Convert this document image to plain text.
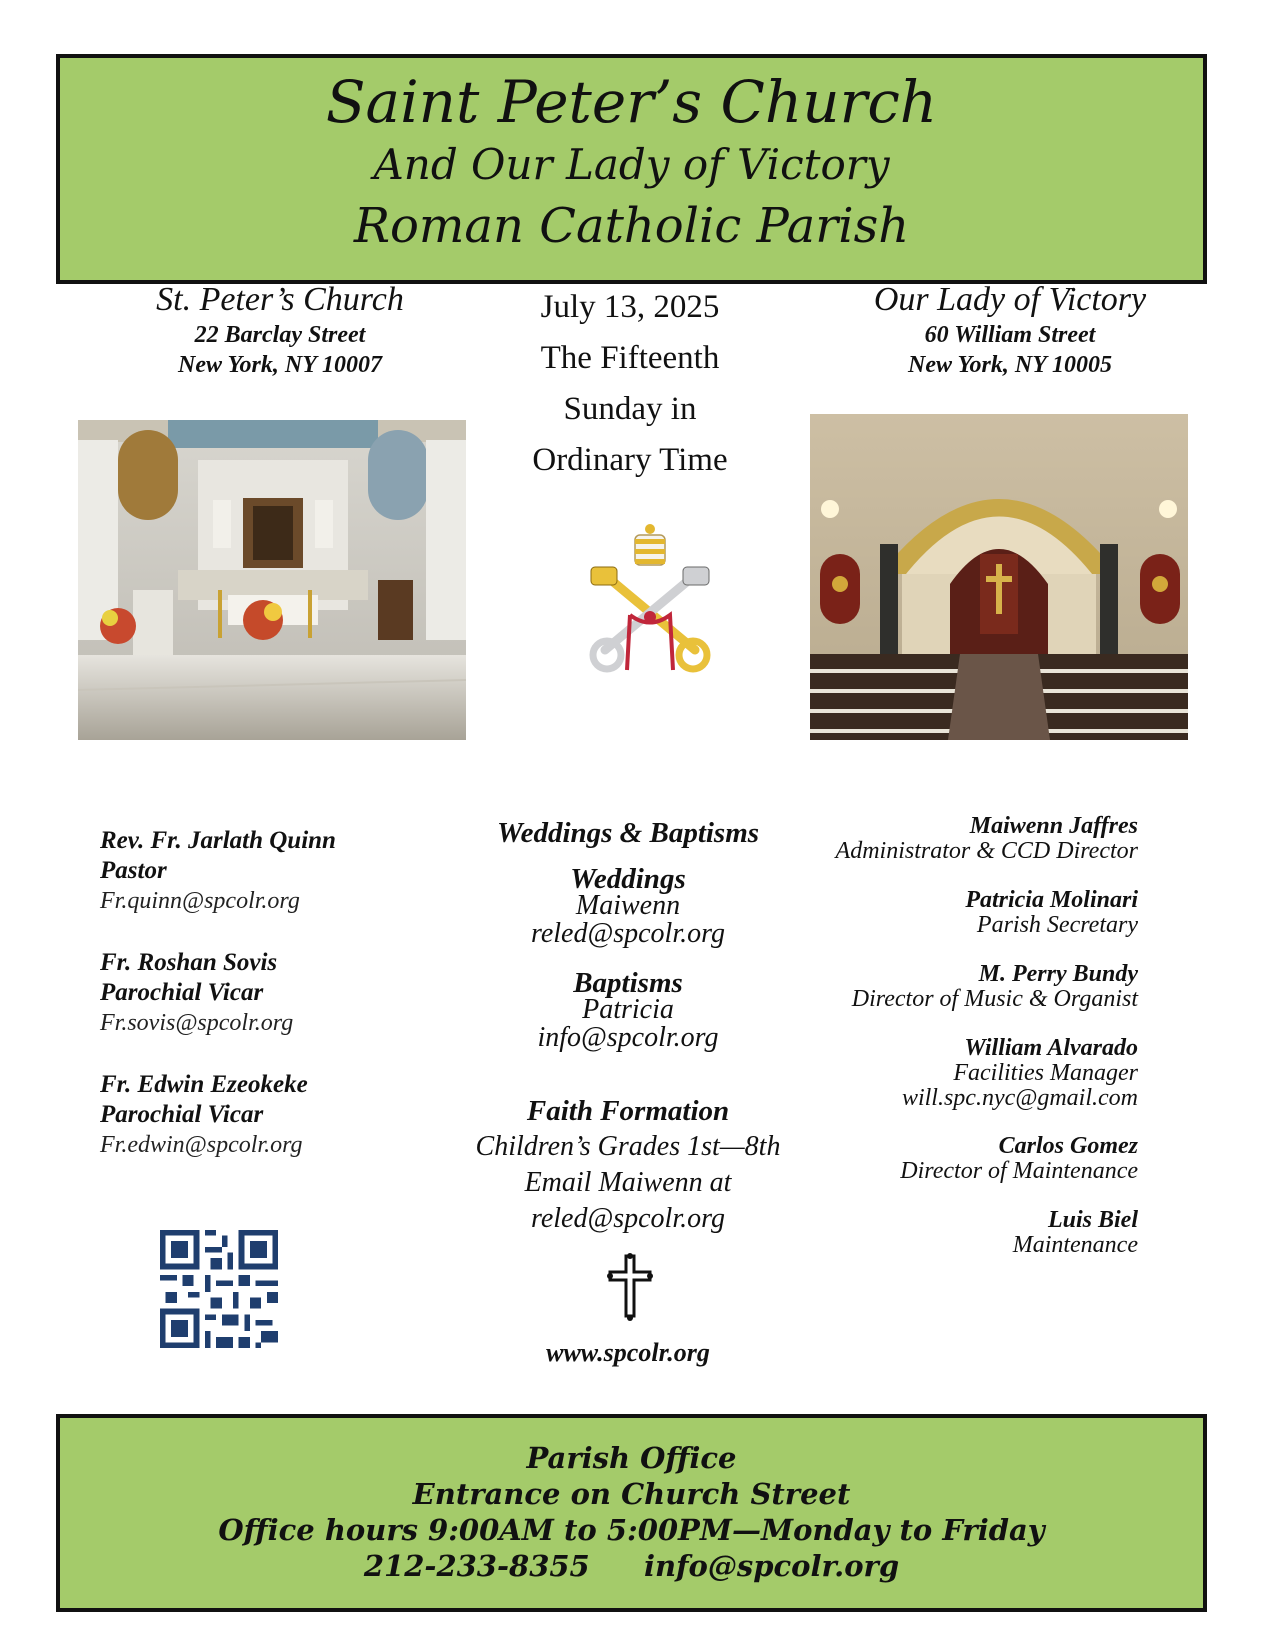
Saint Peter’s Church
And Our Lady of Victory
Roman Catholic Parish
St. Peter’s Church
22 Barclay Street
New York, NY 10007
July 13, 2025
The Fifteenth
Sunday in
Ordinary Time
Our Lady of Victory
60 William Street
New York, NY 10005
Rev. Fr. Jarlath Quinn
Pastor
Fr.quinn@spcolr.org
Fr. Roshan Sovis
Parochial Vicar
Fr.sovis@spcolr.org
Fr. Edwin Ezeokeke
Parochial Vicar
Fr.edwin@spcolr.org
Weddings & Baptisms
Weddings
Maiwenn
reled@spcolr.org
Baptisms
Patricia
info@spcolr.org
Faith Formation
Children’s Grades 1st—8th
Email Maiwenn at
reled@spcolr.org
www.spcolr.org
Maiwenn Jaffres
Administrator & CCD Director
Patricia Molinari
Parish Secretary
M. Perry Bundy
Director of Music & Organist
William Alvarado
Facilities Manager
will.spc.nyc@gmail.com
Carlos Gomez
Director of Maintenance
Luis Biel
Maintenance
Parish Office
Entrance on Church Street
Office hours 9:00AM to 5:00PM—Monday to Friday
212-233-8355 info@spcolr.org
